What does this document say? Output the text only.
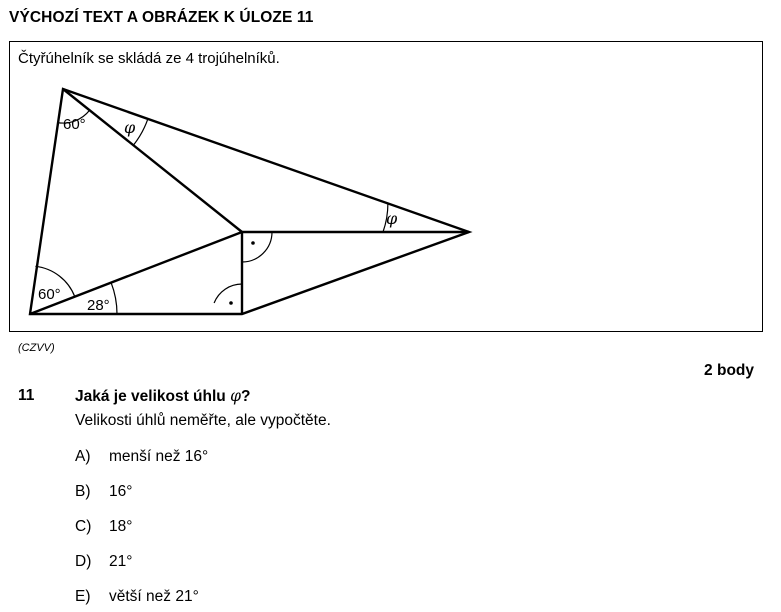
VÝCHOZÍ TEXT A OBRÁZEK K ÚLOZE 11
Čtyřúhelník se skládá ze 4 trojúhelníků.
60° φ
φ
60°
28°
(CZVV)
2 body
11	Jaká je velikost úhlu φ?
Velikosti úhlů neměřte, ale vypočtěte.
A) menší než 16°
B) 16°
C) 18°
D) 21°
E) větší než 21°
